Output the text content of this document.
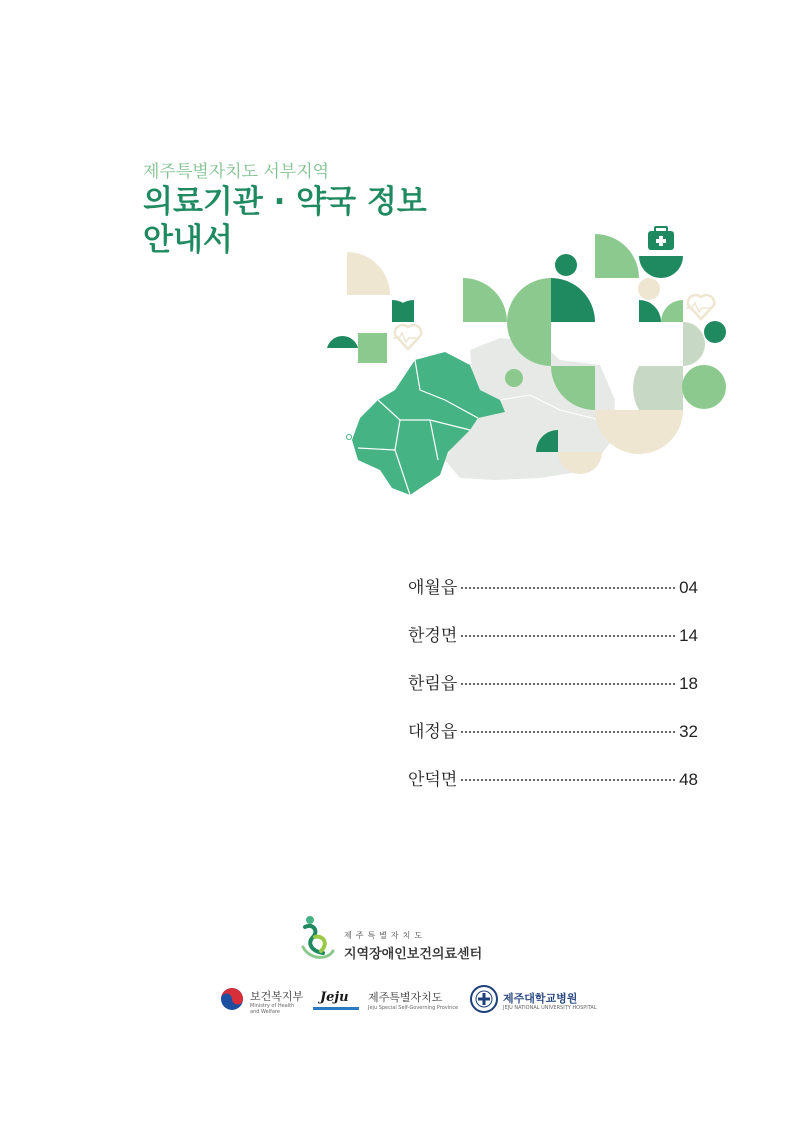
제주특별자치도 서부지역
의료기관 · 약국 정보
안내서
애월읍	04
한경면	14
한림읍	18
대정읍	32
안덕면	48
제주특별자치도
지역장애인보건의료센터
보건복지부
Ministry of Health
and Welfare
Jeju 제주특별자치도
Jeju Special Self-Governing Province
제주대학교병원
JEJU NATIONAL UNIVERSITY HOSPITAL
